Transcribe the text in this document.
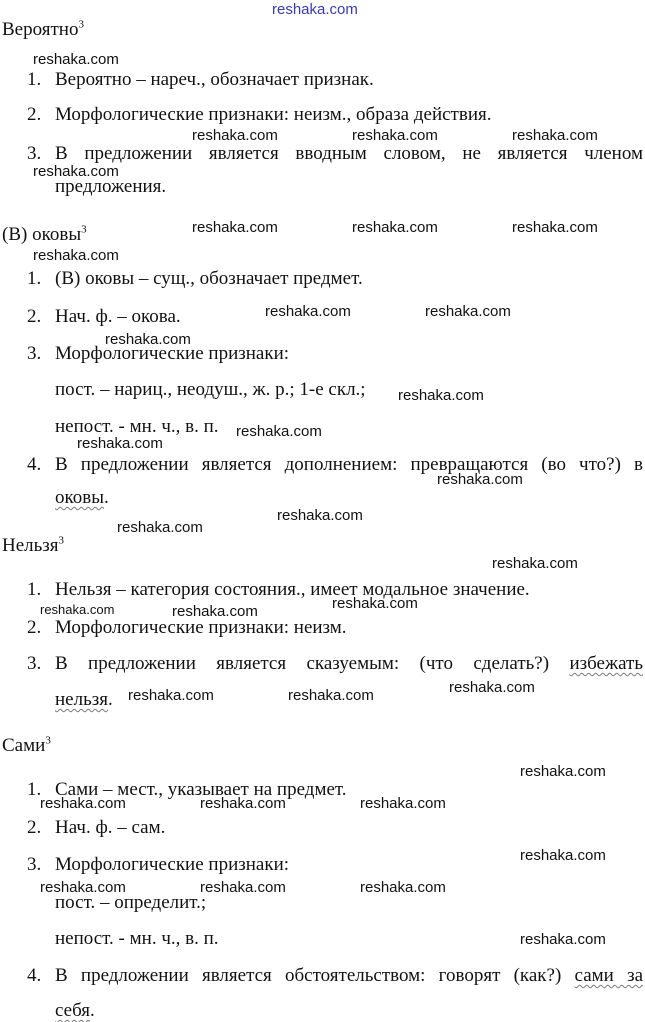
reshaka.com
Вероятно$^3$
reshaka.com
1. Вероятно – нареч., обозначает признак.
2. Морфологические признаки: неизм., образа действия.
reshaka.com	reshaka.com	reshaka.com
3. В предложении является вводным словом, не является членом
reshaka.com
предложения.
(В) оковы$^3$	reshaka.com	reshaka.com	reshaka.com
reshaka.com
1. (В) оковы – сущ., обозначает предмет.
2. Нач. ф. – окова.	reshaka.com	reshaka.com
reshaka.com
3. Морфологические признаки:
пост. – нариц., неодуш., ж. р.; 1-е скл.; reshaka.com
непост. - мн. ч., в. п. reshaka.com
reshaka.com
4. В предложении является дополнением: превращаются (во что?) в
reshaka.com
оковы.
reshaka.com
reshaka.com
Нельзя$^3$
reshaka.com
1. Нельзя – категория состояния., имеет модальное значение.
reshaka.com
reshaka.com	reshaka.com
2. Морфологические признаки: неизм.
3. В предложении является сказуемым: (что сделать?) избежать
reshaka.com
нельзя. reshaka.com	reshaka.com
Сами$^3$
reshaka.com
1. Сами – мест., указывает на предмет.
reshaka.com	reshaka.com	reshaka.com
2. Нач. ф. – сам.
reshaka.com
3. Морфологические признаки:
reshaka.com	reshaka.com	reshaka.com
пост. – определит.;
непост. - мн. ч., в. п.	reshaka.com
4. В предложении является обстоятельством: говорят (как?) сами за
себя.
